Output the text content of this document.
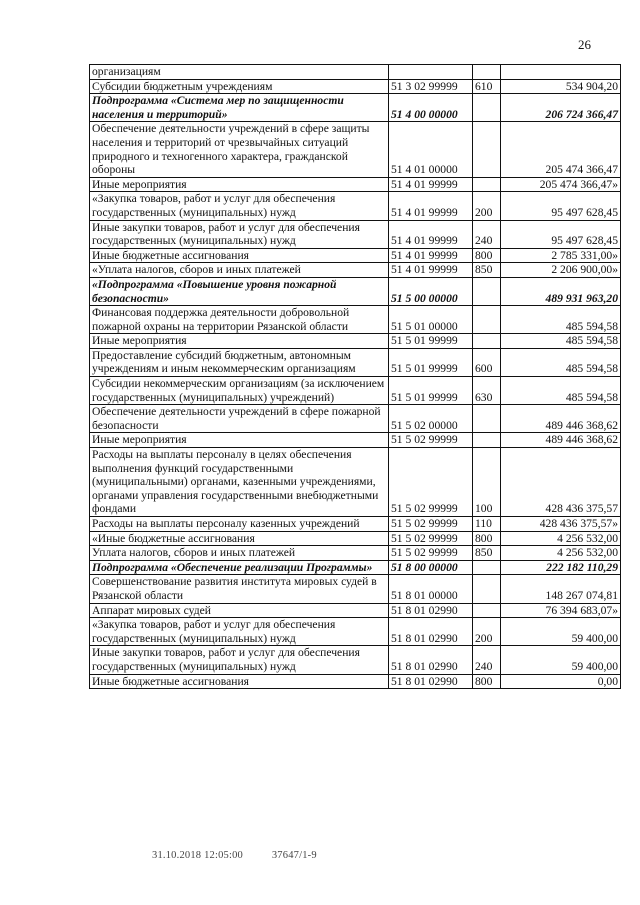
26
организациям			
Субсидии бюджетным учреждениям	51 3 02 99999	610	534 904,20
Подпрограмма «Система мер по защищенности населения и территорий»	51 4 00 00000		206 724 366,47
Обеспечение деятельности учреждений в сфере защиты населения и территорий от чрезвычайных ситуаций природного и техногенного характера, гражданской обороны	51 4 01 00000		205 474 366,47
Иные мероприятия	51 4 01 99999		205 474 366,47»
«Закупка товаров, работ и услуг для обеспечения государственных (муниципальных) нужд	51 4 01 99999	200	95 497 628,45
Иные закупки товаров, работ и услуг для обеспечения государственных (муниципальных) нужд	51 4 01 99999	240	95 497 628,45
Иные бюджетные ассигнования	51 4 01 99999	800	2 785 331,00»
«Уплата налогов, сборов и иных платежей	51 4 01 99999	850	2 206 900,00»
«Подпрограмма «Повышение уровня пожарной безопасности»	51 5 00 00000		489 931 963,20
Финансовая поддержка деятельности добровольной пожарной охраны на территории Рязанской области	51 5 01 00000		485 594,58
Иные мероприятия	51 5 01 99999		485 594,58
Предоставление субсидий бюджетным, автономным учреждениям и иным некоммерческим организациям	51 5 01 99999	600	485 594,58
Субсидии некоммерческим организациям (за исключением государственных (муниципальных) учреждений)	51 5 01 99999	630	485 594,58
Обеспечение деятельности учреждений в сфере пожарной безопасности	51 5 02 00000		489 446 368,62
Иные мероприятия	51 5 02 99999		489 446 368,62
Расходы на выплаты персоналу в целях обеспечения выполнения функций государственными (муниципальными) органами, казенными учреждениями, органами управления государственными внебюджетными фондами	51 5 02 99999	100	428 436 375,57
Расходы на выплаты персоналу казенных учреждений	51 5 02 99999	110	428 436 375,57»
«Иные бюджетные ассигнования	51 5 02 99999	800	4 256 532,00
Уплата налогов, сборов и иных платежей	51 5 02 99999	850	4 256 532,00
Подпрограмма «Обеспечение реализации Программы»	51 8 00 00000		222 182 110,29
Совершенствование развития института мировых судей в Рязанской области	51 8 01 00000		148 267 074,81
Аппарат мировых судей	51 8 01 02990		76 394 683,07»
«Закупка товаров, работ и услуг для обеспечения государственных (муниципальных) нужд	51 8 01 02990	200	59 400,00
Иные закупки товаров, работ и услуг для обеспечения государственных (муниципальных) нужд	51 8 01 02990	240	59 400,00
Иные бюджетные ассигнования	51 8 01 02990	800	0,00
31.10.2018 12:05:00	37647/1-9
